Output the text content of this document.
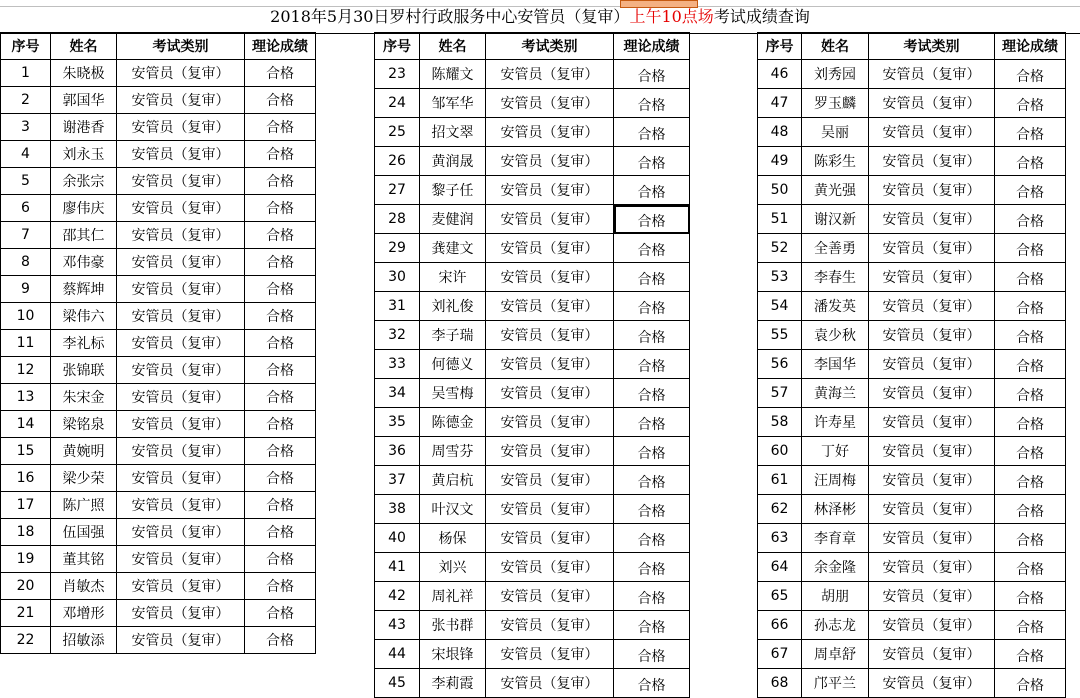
2018年5月30日罗村行政服务中心安管员（复审）上午10点场考试成绩查询
序号	姓名	考试类别	理论成绩
1	朱晓极	安管员（复审）	合格
2	郭国华	安管员（复审）	合格
3	谢港香	安管员（复审）	合格
4	刘永玉	安管员（复审）	合格
5	余张宗	安管员（复审）	合格
6	廖伟庆	安管员（复审）	合格
7	邵其仁	安管员（复审）	合格
8	邓伟豪	安管员（复审）	合格
9	蔡辉坤	安管员（复审）	合格
10	梁伟六	安管员（复审）	合格
11	李礼标	安管员（复审）	合格
12	张锦联	安管员（复审）	合格
13	朱宋金	安管员（复审）	合格
14	梁铭泉	安管员（复审）	合格
15	黄婉明	安管员（复审）	合格
16	梁少荣	安管员（复审）	合格
17	陈广照	安管员（复审）	合格
18	伍国强	安管员（复审）	合格
19	董其铭	安管员（复审）	合格
20	肖敏杰	安管员（复审）	合格
21	邓增形	安管员（复审）	合格
22	招敏添	安管员（复审）	合格
序号	姓名	考试类别	理论成绩
23	陈耀文	安管员（复审）	合格
24	邹军华	安管员（复审）	合格
25	招文翠	安管员（复审）	合格
26	黄润晟	安管员（复审）	合格
27	黎子任	安管员（复审）	合格
28	麦健润	安管员（复审）	合格
29	龚建文	安管员（复审）	合格
30	宋许	安管员（复审）	合格
31	刘礼俊	安管员（复审）	合格
32	李子瑞	安管员（复审）	合格
33	何德义	安管员（复审）	合格
34	吴雪梅	安管员（复审）	合格
35	陈德金	安管员（复审）	合格
36	周雪芬	安管员（复审）	合格
37	黄启杭	安管员（复审）	合格
38	叶汉文	安管员（复审）	合格
40	杨保	安管员（复审）	合格
41	刘兴	安管员（复审）	合格
42	周礼祥	安管员（复审）	合格
43	张书群	安管员（复审）	合格
44	宋垠锋	安管员（复审）	合格
45	李莉霞	安管员（复审）	合格
序号	姓名	考试类别	理论成绩
46	刘秀园	安管员（复审）	合格
47	罗玉麟	安管员（复审）	合格
48	吴丽	安管员（复审）	合格
49	陈彩生	安管员（复审）	合格
50	黄光强	安管员（复审）	合格
51	谢汉新	安管员（复审）	合格
52	全善勇	安管员（复审）	合格
53	李春生	安管员（复审）	合格
54	潘发英	安管员（复审）	合格
55	袁少秋	安管员（复审）	合格
56	李国华	安管员（复审）	合格
57	黄海兰	安管员（复审）	合格
58	许寿星	安管员（复审）	合格
60	丁好	安管员（复审）	合格
61	汪周梅	安管员（复审）	合格
62	林泽彬	安管员（复审）	合格
63	李育章	安管员（复审）	合格
64	余金隆	安管员（复审）	合格
65	胡朋	安管员（复审）	合格
66	孙志龙	安管员（复审）	合格
67	周卓舒	安管员（复审）	合格
68	邝平兰	安管员（复审）	合格
